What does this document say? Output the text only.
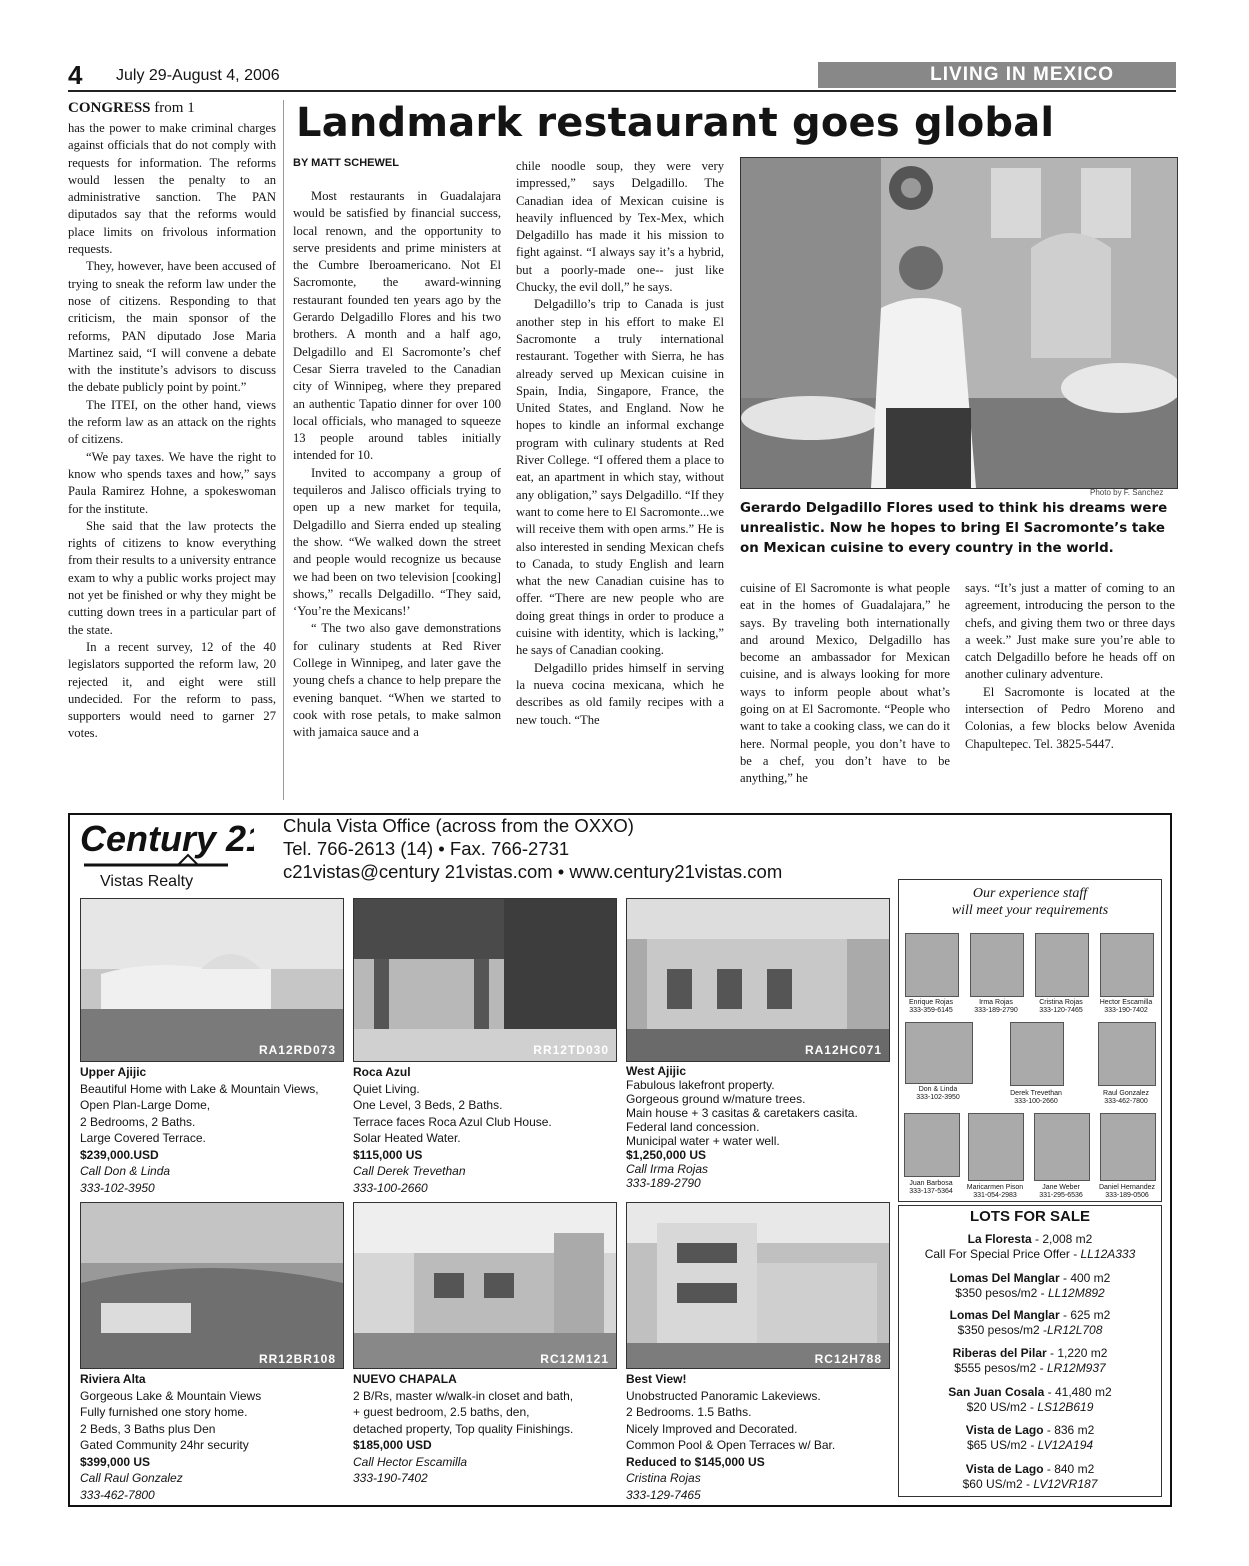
4 July 29-August 4, 2006	LIVING IN MEXICO
CONGRESS from 1

has the power to make criminal charges against officials that do not comply with requests for information. The reforms would lessen the penalty to an administrative sanction. The PAN diputados say that the reforms would place limits on frivolous information requests.

They, however, have been accused of trying to sneak the reform law under the nose of citizens. Responding to that criticism, the main sponsor of the reforms, PAN diputado Jose Maria Martinez said, “I will convene a debate with the institute’s advisors to discuss the debate publicly point by point.”

The ITEI, on the other hand, views the reform law as an attack on the rights of citizens.

“We pay taxes. We have the right to know who spends taxes and how,” says Paula Ramirez Hohne, a spokeswoman for the institute.

She said that the law protects the rights of citizens to know everything from their results to a university entrance exam to why a public works project may not yet be finished or why they might be cutting down trees in a particular part of the state.

In a recent survey, 12 of the 40 legislators supported the reform law, 20 rejected it, and eight were still undecided. For the reform to pass, supporters would need to garner 27 votes.

Landmark restaurant goes global
BY MATT SCHEWEL

Most restaurants in Guadalajara would be satisfied by financial success, local renown, and the opportunity to serve presidents and prime ministers at the Cumbre Iberoamericano. Not El Sacromonte, the award-winning restaurant founded ten years ago by the Gerardo Delgadillo Flores and his two brothers. A month and a half ago, Delgadillo and El Sacromonte’s chef Cesar Sierra traveled to the Canadian city of Winnipeg, where they prepared an authentic Tapatio dinner for over 100 local officials, who managed to squeeze 13 people around tables initially intended for 10.

Invited to accompany a group of tequileros and Jalisco officials trying to open up a new market for tequila, Delgadillo and Sierra ended up stealing the show. “We walked down the street and people would recognize us because we had been on two television [cooking] shows,” recalls Delgadillo. “They said, ‘You’re the Mexicans!’

“ The two also gave demonstrations for culinary students at Red River College in Winnipeg, and later gave the young chefs a chance to help prepare the evening banquet. “When we started to cook with rose petals, to make salmon with jamaica sauce and a

chile noodle soup, they were very impressed,” says Delgadillo. The Canadian idea of Mexican cuisine is heavily influenced by Tex-Mex, which Delgadillo has made it his mission to fight against. “I always say it’s a hybrid, but a poorly-made one-- just like Chucky, the evil doll,” he says.

Delgadillo’s trip to Canada is just another step in his effort to make El Sacromonte a truly international restaurant. Together with Sierra, he has already served up Mexican cuisine in Spain, India, Singapore, France, the United States, and England. Now he hopes to kindle an informal exchange program with culinary students at Red River College. “I offered them a place to eat, an apartment in which stay, without any obligation,” says Delgadillo. “If they want to come here to El Sacromonte...we will receive them with open arms.” He is also interested in sending Mexican chefs to Canada, to study English and learn what the new Canadian cuisine has to offer. “There are new people who are doing great things in order to produce a cuisine with identity, which is lacking,” he says of Canadian cooking.

Delgadillo prides himself in serving la nueva cocina mexicana, which he describes as old family recipes with a new touch. “The

Photo by F. Sanchez
Gerardo Delgadillo Flores used to think his dreams were unrealistic. Now he hopes to bring El Sacromonte’s take on Mexican cuisine to every country in the world.

cuisine of El Sacromonte is what people eat in the homes of Guadalajara,” he says. By traveling both internationally and around Mexico, Delgadillo has become an ambassador for Mexican cuisine, and is always looking for more ways to inform people about what’s going on at El Sacromonte. “People who want to take a cooking class, we can do it here. Normal people, you don’t have to be a chef, you don’t have to be anything,” he

says. “It’s just a matter of coming to an agreement, introducing the person to the chefs, and giving them two or three days a week.” Just make sure you’re able to catch Delgadillo before he heads off on another culinary adventure.

El Sacromonte is located at the intersection of Pedro Moreno and Colonias, a few blocks below Avenida Chapultepec. Tel. 3825-5447.

Century 21
Vistas Realty
Chula Vista Office (across from the OXXO)
Tel. 766-2613 (14) • Fax. 766-2731
c21vistas@century 21vistas.com • www.century21vistas.com
RA12RD073	RR12TD030	RA12HC071
Upper Ajijic
Beautiful Home with Lake & Mountain Views,
Open Plan-Large Dome,
2 Bedrooms, 2 Baths.
Large Covered Terrace.
$239,000.USD
Call Don & Linda
333-102-3950
Roca Azul
Quiet Living.
One Level, 3 Beds, 2 Baths.
Terrace faces Roca Azul Club House.
Solar Heated Water.
$115,000 US
Call Derek Trevethan
333-100-2660
West Ajijic
Fabulous lakefront property.
Gorgeous ground w/mature trees.
Main house + 3 casitas & caretakers casita.
Federal land concession.
Municipal water + water well.
$1,250,000 US
Call Irma Rojas
333-189-2790
RR12BR108	RC12M121	RC12H788
Riviera Alta
Gorgeous Lake & Mountain Views
Fully furnished one story home.
2 Beds, 3 Baths plus Den
Gated Community 24hr security
$399,000 US
Call Raul Gonzalez
333-462-7800
NUEVO CHAPALA
2 B/Rs, master w/walk-in closet and bath,
+ guest bedroom, 2.5 baths, den,
detached property, Top quality Finishings.
$185,000 USD
Call Hector Escamilla
333-190-7402
Best View!
Unobstructed Panoramic Lakeviews.
2 Bedrooms. 1.5 Baths.
Nicely Improved and Decorated.
Common Pool & Open Terraces w/ Bar.
Reduced to $145,000 US
Cristina Rojas
333-129-7465
Our experience staff
will meet your requirements
Enrique Rojas
333-359-6145
Irma Rojas
333-189-2790
Cristina Rojas
333-120-7465
Hector Escamilla
333-190-7402
Don & Linda
333-102-3950
Derek Trevethan
333-100-2660
Raul Gonzalez
333-462-7800
Juan Barbosa
333-137-5364
Maricarmen Pison
331-054-2983
Jane Weber
331-295-6536
Daniel Hernandez
333-189-0506
LOTS FOR SALE
La Floresta - 2,008 m2
Call For Special Price Offer - LL12A333
Lomas Del Manglar - 400 m2
$350 pesos/m2 - LL12M892
Lomas Del Manglar - 625 m2
$350 pesos/m2 -LR12L708
Riberas del Pilar - 1,220 m2
$555 pesos/m2 - LR12M937
San Juan Cosala - 41,480 m2
$20 US/m2 - LS12B619
Vista de Lago - 836 m2
$65 US/m2 - LV12A194
Vista de Lago - 840 m2
$60 US/m2 - LV12VR187
